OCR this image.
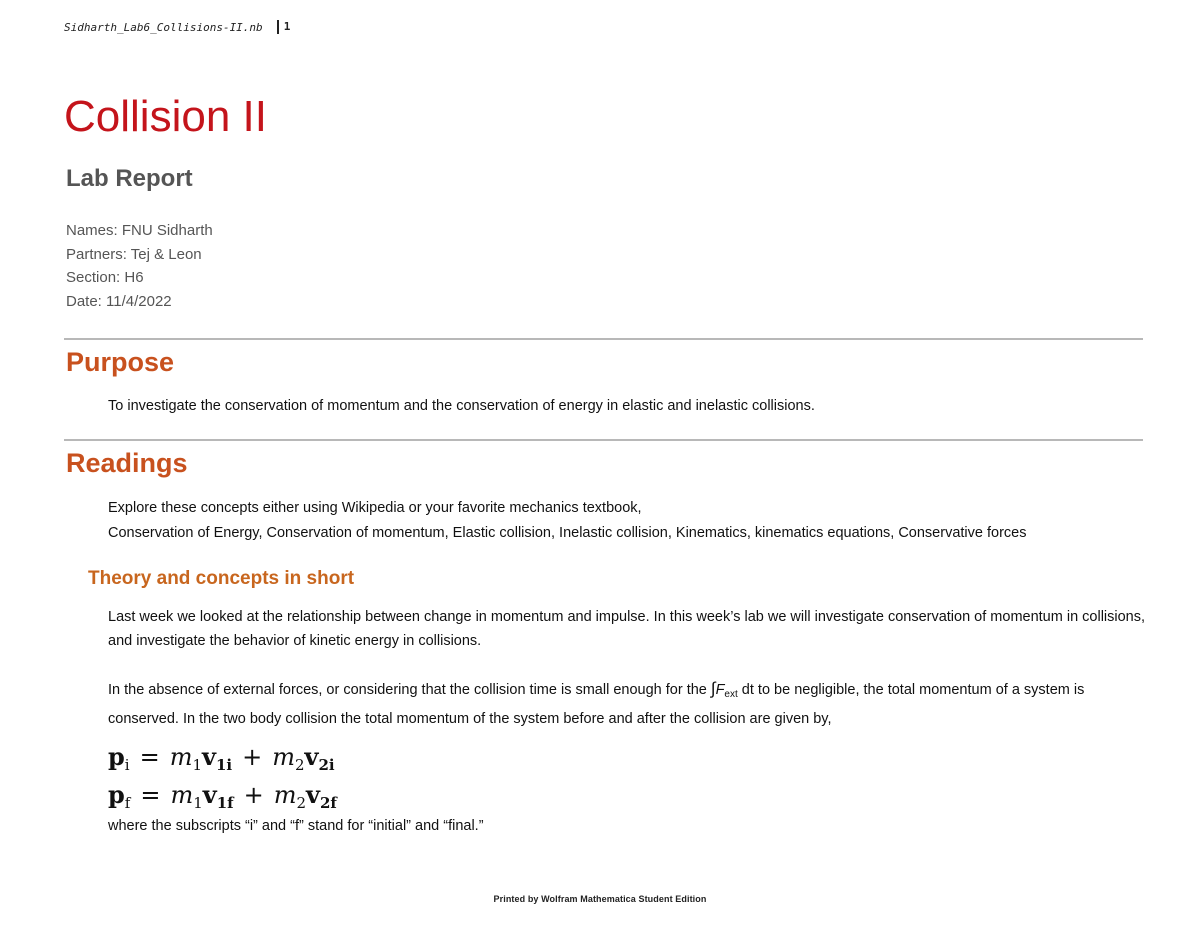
Sidharth_Lab6_Collisions-II.nb	1
Collision II
Lab Report
Names: FNU Sidharth
Partners: Tej & Leon
Section: H6
Date: 11/4/2022
Purpose
To investigate the conservation of momentum and the conservation of energy in elastic and inelastic collisions.
Readings
Explore these concepts either using Wikipedia or your favorite mechanics textbook,
Conservation of Energy, Conservation of momentum, Elastic collision, Inelastic collision, Kinematics, kinematics equations, Conservative forces
Theory and concepts in short
Last week we looked at the relationship between change in momentum and impulse. In this week’s lab we will investigate conservation of momentum in collisions, and investigate the behavior of kinetic energy in collisions.
In the absence of external forces, or considering that the collision time is small enough for the $\int F_{ext}$ dt to be negligible, the total momentum of a system is conserved. In the two body collision the total momentum of the system before and after the collision are given by,
$p_i = m_1v_{1i} + m_2v_{2i}$
$p_f = m_1v_{1f} + m_2v_{2f}$
where the subscripts “i” and “f” stand for “initial” and “final.”
Printed by Wolfram Mathematica Student Edition
